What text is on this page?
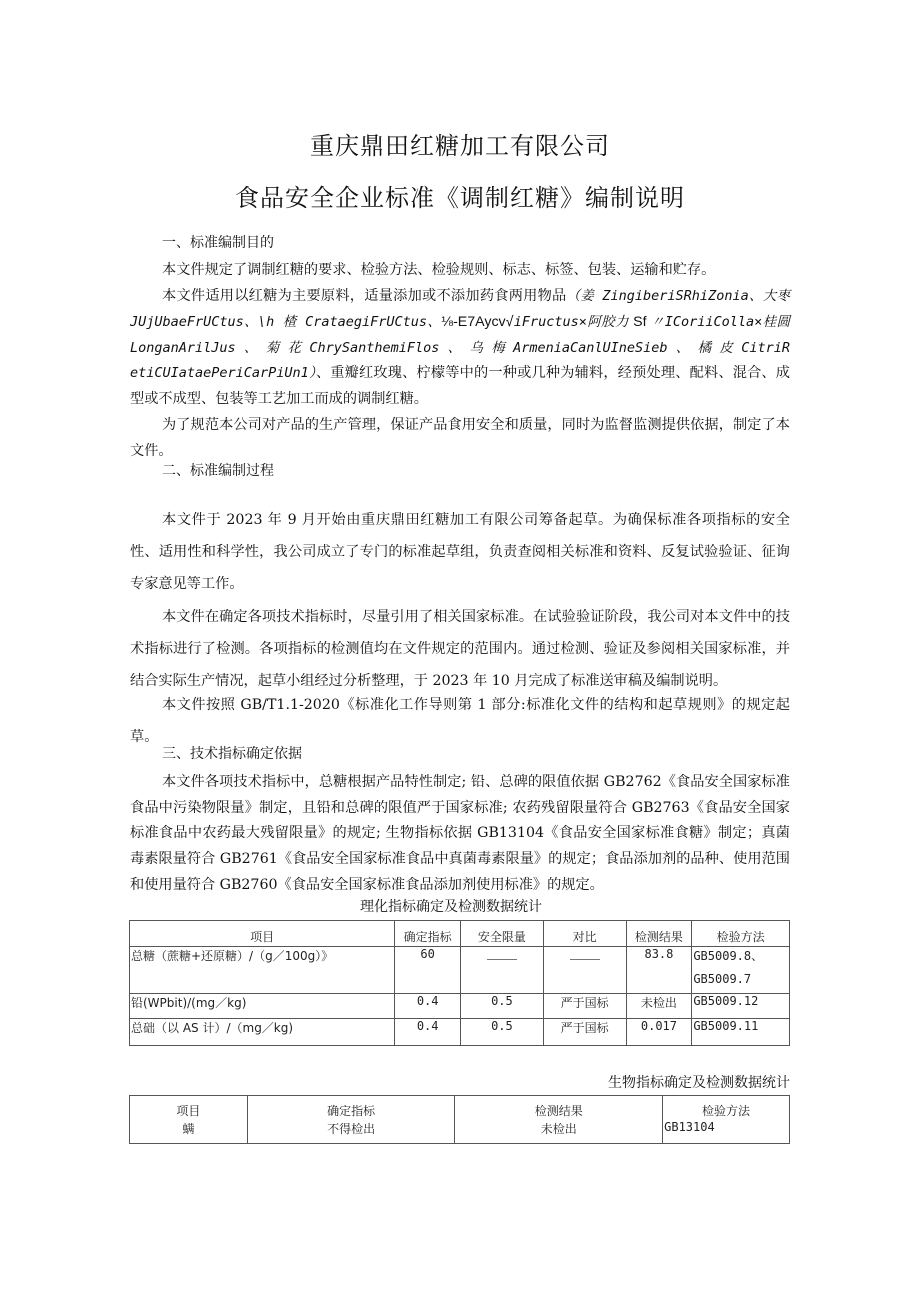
重庆鼎田红糖加工有限公司
食品安全企业标准《调制红糖》编制说明
一、标准编制目的
本文件规定了调制红糖的要求、检验方法、检验规则、标志、标签、包装、运输和贮存。
本文件适用以红糖为主要原料，适量添加或不添加药食两用物品（姜 ZingiberiSRhiZonia、大枣 JUjUbaeFrUCtus、\h 楂 CrataegiFrUCtus、⅛-E7Aycv√iFructus×阿胶力 Sf 〃ICoriiColla×桂圆 LonganArilJus 、 菊 花 ChrySanthemiFlos 、 乌 梅 ArmeniaCanlUIneSieb 、 橘 皮 CitriRetiCUIataePeriCarPiUn1）、重瓣红玫瑰、柠檬等中的一种或几种为辅料，经预处理、配料、混合、成型或不成型、包装等工艺加工而成的调制红糖。
为了规范本公司对产品的生产管理，保证产品食用安全和质量，同时为监督监测提供依据，制定了本文件。
二、标准编制过程
本文件于 2023 年 9 月开始由重庆鼎田红糖加工有限公司筹备起草。为确保标准各项指标的安全性、适用性和科学性，我公司成立了专门的标准起草组，负责查阅相关标准和资料、反复试验验证、征询专家意见等工作。
本文件在确定各项技术指标时，尽量引用了相关国家标准。在试验验证阶段，我公司对本文件中的技术指标进行了检测。各项指标的检测值均在文件规定的范围内。通过检测、验证及参阅相关国家标准，并结合实际生产情况，起草小组经过分析整理，于 2023 年 10 月完成了标准送审稿及编制说明。
本文件按照 GB/T1.1-2020《标准化工作导则第 1 部分:标准化文件的结构和起草规则》的规定起草。
三、技术指标确定依据
本文件各项技术指标中，总糖根据产品特性制定; 铅、总碑的限值依据 GB2762《食品安全国家标准食品中污染物限量》制定，且铅和总碑的限值严于国家标准; 农药残留限量符合 GB2763《食品安全国家标准食品中农药最大残留限量》的规定; 生物指标依据 GB13104《食品安全国家标准食糖》制定；真菌毒素限量符合 GB2761《食品安全国家标准食品中真菌毒素限量》的规定；食品添加剂的品种、使用范围和使用量符合 GB2760《食品安全国家标准食品添加剂使用标准》的规定。
理化指标确定及检测数据统计
项目	确定指标	安全限量	对比	检测结果	检验方法
总糖（蔗糖+还原糖）/（g／100g）》	60			83.8	GB5009.8、
GB5009.7

铅(WPbit)/(mg／kg)	0.4	0.5	严于国标	未检出	GB5009.12
总础（以 AS 计）/（mg／kg)	0.4	0.5	严于国标	0.017	GB5009.11
生物指标确定及检测数据统计
项目	确定指标	检测结果	检验方法
螨	不得检出	未检出	GB13104
